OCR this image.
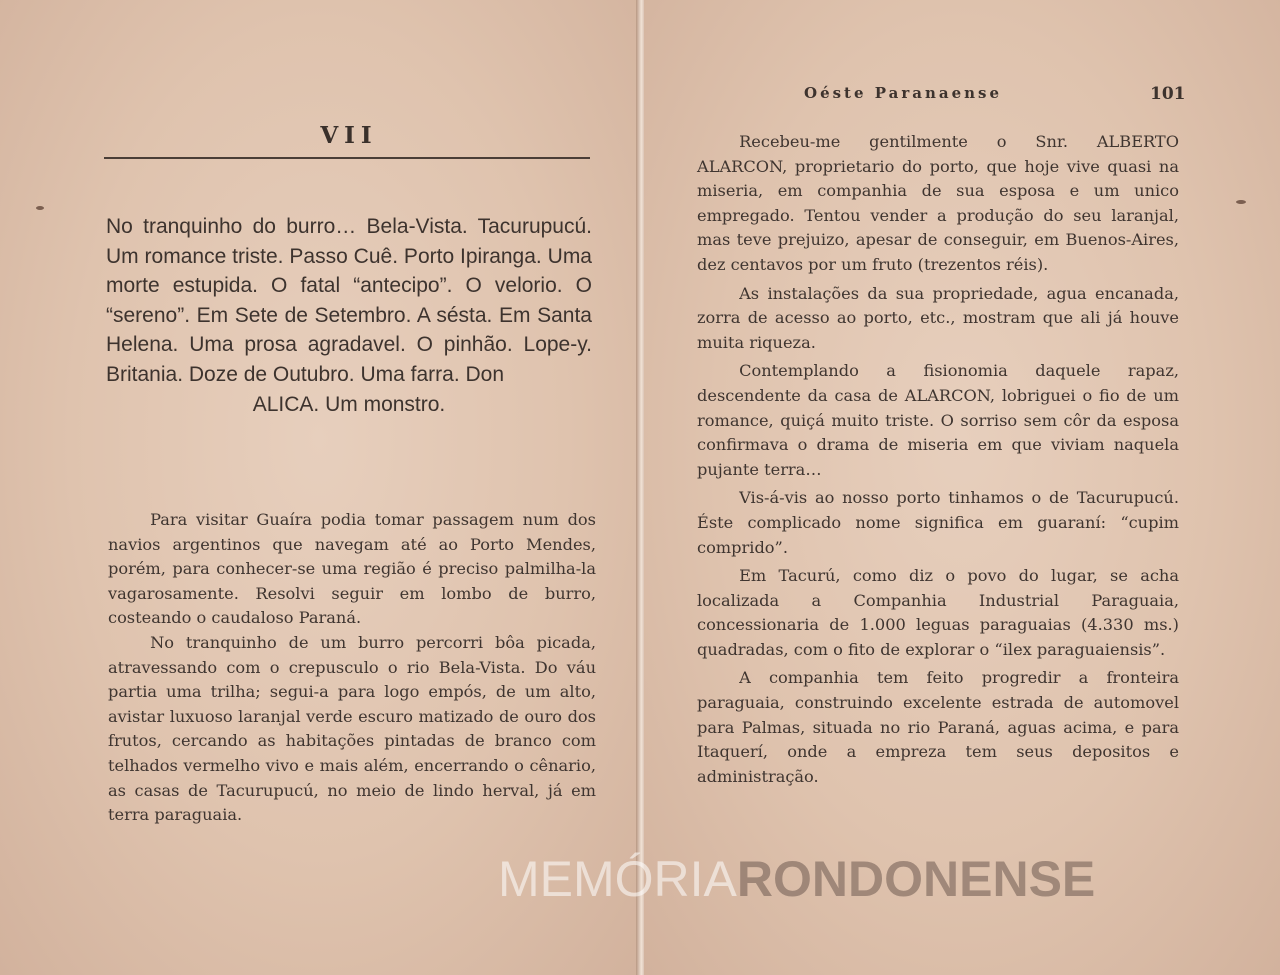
VII
No tranquinho do burro… Bela-Vista. Tacurupucú. Um romance triste. Passo Cuê. Porto Ipiranga. Uma morte estupida. O fatal “antecipo”. O velorio. O “sereno”. Em Sete de Setembro. A sésta. Em Santa Helena. Uma prosa agradavel. O pinhão. Lope-y. Britania. Doze de Outubro. Uma farra. Don
ALICA. Um monstro.

Para visitar Guaíra podia tomar passagem num dos navios argentinos que navegam até ao Porto Mendes, porém, para conhecer-se uma região é preciso palmilha-la vagarosamente. Resolvi seguir em lombo de burro, costeando o caudaloso Paraná.

No tranquinho de um burro percorri bôa picada, atravessando com o crepusculo o rio Bela-Vista. Do váu partia uma trilha; segui-a para logo empós, de um alto, avistar luxuoso laranjal verde escuro matizado de ouro dos frutos, cercando as habitações pintadas de branco com telhados vermelho vivo e mais além, encerrando o cênario, as casas de Tacurupucú, no meio de lindo herval, já em terra paraguaia.

Oéste Paranaense	101

Recebeu-me gentilmente o Snr. ALBERTO ALARCON, proprietario do porto, que hoje vive quasi na miseria, em companhia de sua esposa e um unico empregado. Tentou vender a produção do seu laranjal, mas teve prejuizo, apesar de conseguir, em Buenos-Aires, dez centavos por um fruto (trezentos réis).

As instalações da sua propriedade, agua encanada, zorra de acesso ao porto, etc., mostram que ali já houve muita riqueza.

Contemplando a fisionomia daquele rapaz, descendente da casa de ALARCON, lobriguei o fio de um romance, quiçá muito triste. O sorriso sem côr da esposa confirmava o drama de miseria em que viviam naquela pujante terra…

Vis-á-vis ao nosso porto tinhamos o de Tacurupucú. Éste complicado nome significa em guaraní: “cupim comprido”.

Em Tacurú, como diz o povo do lugar, se acha localizada a Companhia Industrial Paraguaia, concessionaria de 1.000 leguas paraguaias (4.330 ms.) quadradas, com o fito de explorar o “ilex paraguaiensis”.

A companhia tem feito progredir a fronteira paraguaia, construindo excelente estrada de automovel para Palmas, situada no rio Paraná, aguas acima, e para Itaquerí, onde a empreza tem seus depositos e administração.

MEMÓRIARONDONENSE
